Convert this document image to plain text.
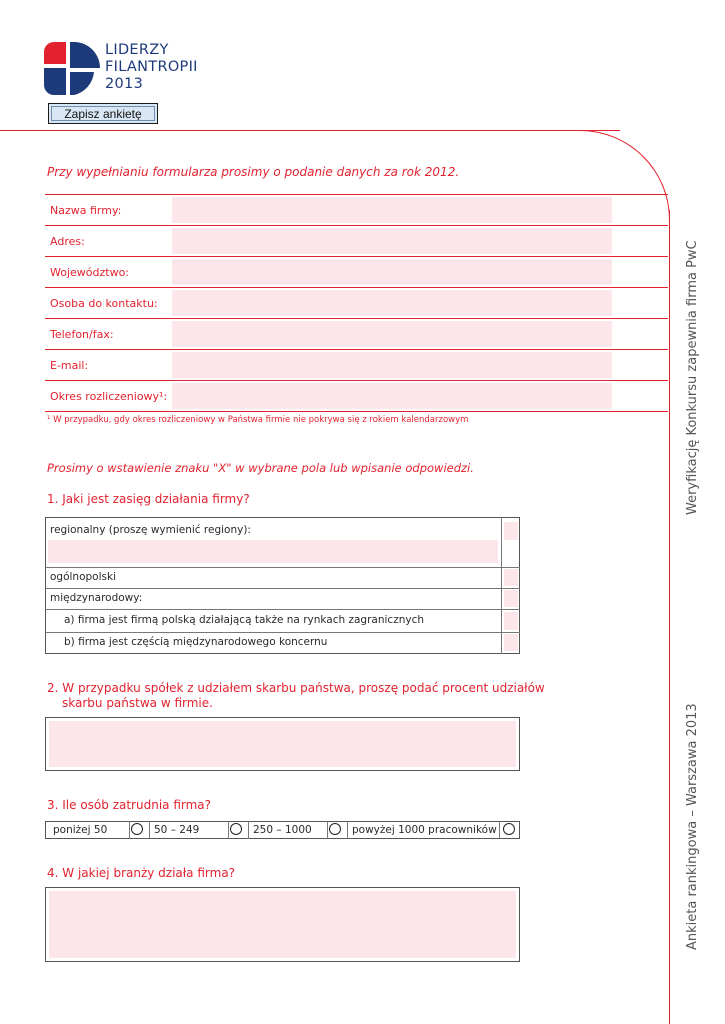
LIDERZY
FILANTROPII
2013
Zapisz ankietę
Przy wypełnianiu formularza prosimy o podanie danych za rok 2012.
Nazwa firmy:
Adres:
Województwo:
Osoba do kontaktu:
Telefon/fax:
E-mail:
Okres rozliczeniowy¹:
¹ W przypadku, gdy okres rozliczeniowy w Państwa firmie nie pokrywa się z rokiem kalendarzowym
Prosimy o wstawienie znaku "X" w wybrane pola lub wpisanie odpowiedzi.
1. Jaki jest zasięg działania firmy?
regionalny (proszę wymienić regiony):
ogólnopolski
międzynarodowy:
a) firma jest firmą polską działającą także na rynkach zagranicznych
b) firma jest częścią międzynarodowego koncernu
2. W przypadku spółek z udziałem skarbu państwa, proszę podać procent udziałów
skarbu państwa w firmie.
3. Ile osób zatrudnia firma?
poniżej 50	50 – 249	250 – 1000	powyżej 1000 pracowników
4. W jakiej branży działa firma?
Weryfikację Konkursu zapewnia firma PwC
Ankieta rankingowa – Warszawa 2013
